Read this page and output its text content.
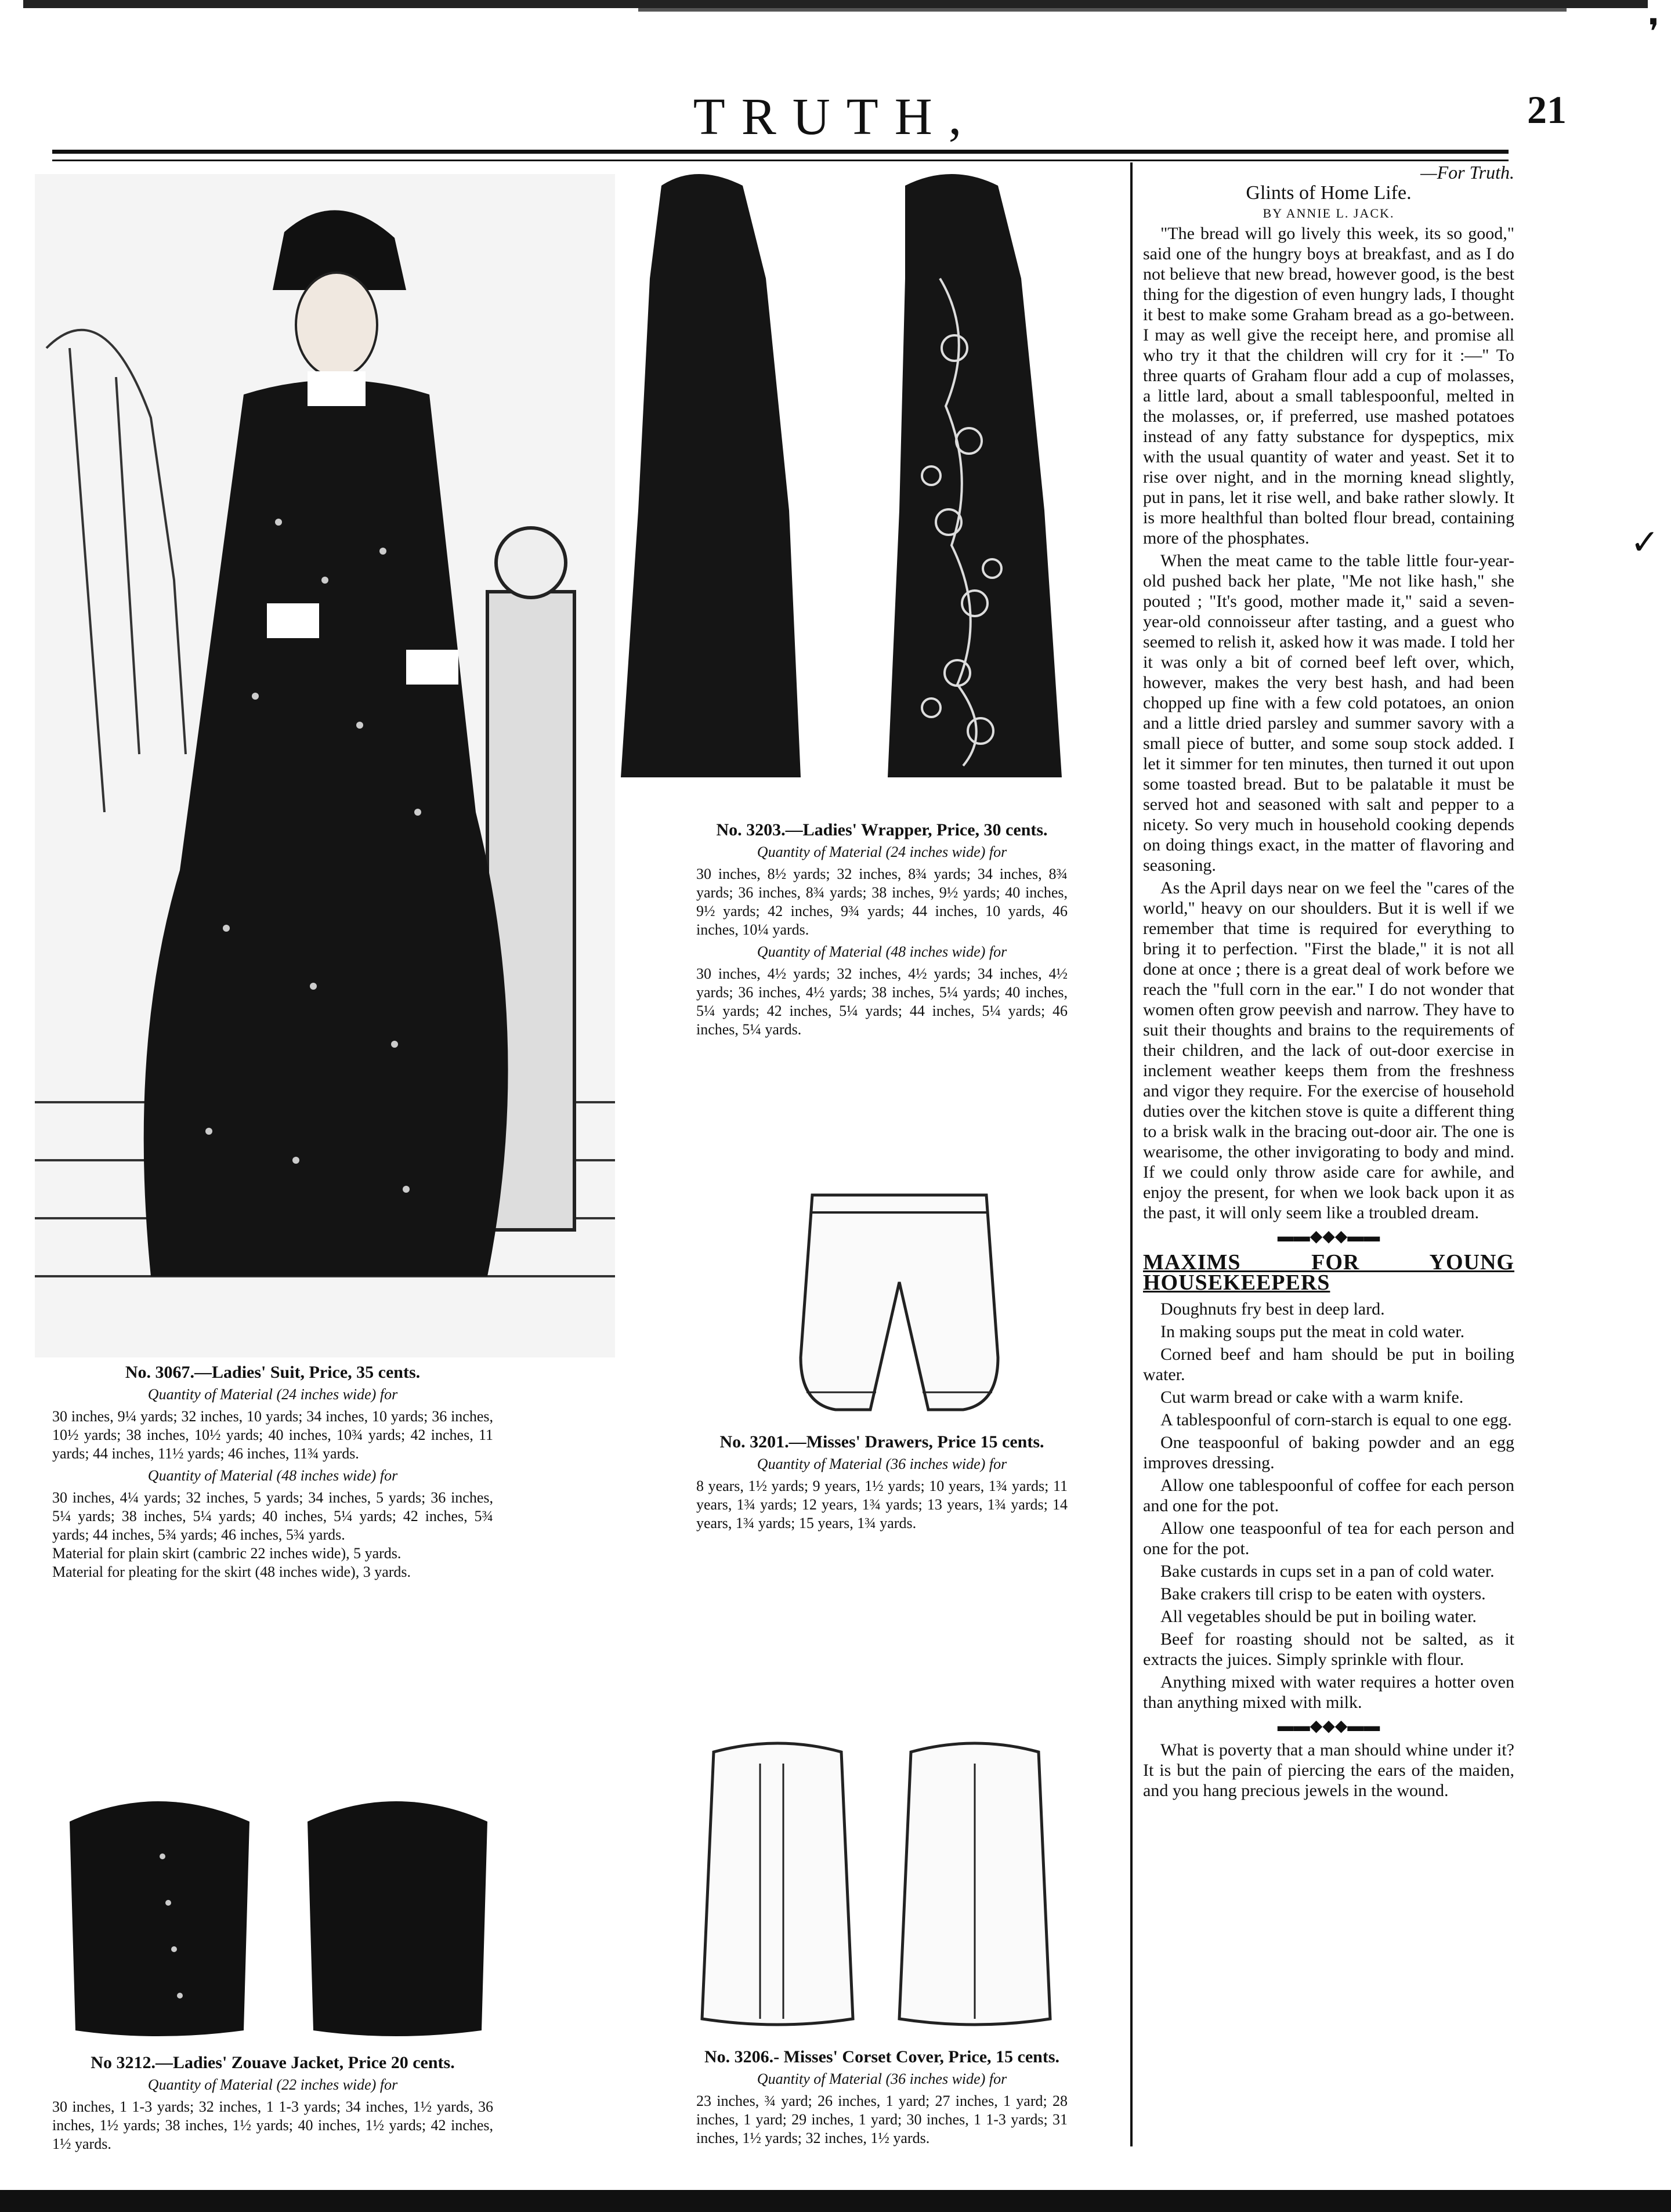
TRUTH,	21
No. 3067.—Ladies' Suit, Price, 35 cents.
Quantity of Material (24 inches wide) for
30 inches, 9¼ yards; 32 inches, 10 yards; 34 inches, 10 yards; 36 inches, 10½ yards; 38 inches, 10½ yards; 40 inches, 10¾ yards; 42 inches, 11 yards; 44 inches, 11½ yards; 46 inches, 11¾ yards.
Quantity of Material (48 inches wide) for
30 inches, 4¼ yards; 32 inches, 5 yards; 34 inches, 5 yards; 36 inches, 5¼ yards; 38 inches, 5¼ yards; 40 inches, 5¼ yards; 42 inches, 5¾ yards; 44 inches, 5¾ yards; 46 inches, 5¾ yards.
Material for plain skirt (cambric 22 inches wide), 5 yards.
Material for pleating for the skirt (48 inches wide), 3 yards.
No. 3203.—Ladies' Wrapper, Price, 30 cents.
Quantity of Material (24 inches wide) for
30 inches, 8½ yards; 32 inches, 8¾ yards; 34 inches, 8¾ yards; 36 inches, 8¾ yards; 38 inches, 9½ yards; 40 inches, 9½ yards; 42 inches, 9¾ yards; 44 inches, 10 yards, 46 inches, 10¼ yards.
Quantity of Material (48 inches wide) for
30 inches, 4½ yards; 32 inches, 4½ yards; 34 inches, 4½ yards; 36 inches, 4½ yards; 38 inches, 5¼ yards; 40 inches, 5¼ yards; 42 inches, 5¼ yards; 44 inches, 5¼ yards; 46 inches, 5¼ yards.
No. 3201.—Misses' Drawers, Price 15 cents.
Quantity of Material (36 inches wide) for
8 years, 1½ yards; 9 years, 1½ yards; 10 years, 1¾ yards; 11 years, 1¾ yards; 12 years, 1¾ yards; 13 years, 1¾ yards; 14 years, 1¾ yards; 15 years, 1¾ yards.
No 3212.—Ladies' Zouave Jacket, Price 20 cents.
Quantity of Material (22 inches wide) for
30 inches, 1 1-3 yards; 32 inches, 1 1-3 yards; 34 inches, 1½ yards, 36 inches, 1½ yards; 38 inches, 1½ yards; 40 inches, 1½ yards; 42 inches, 1½ yards.
No. 3206.- Misses' Corset Cover, Price, 15 cents.
Quantity of Material (36 inches wide) for
23 inches, ¾ yard; 26 inches, 1 yard; 27 inches, 1 yard; 28 inches, 1 yard; 29 inches, 1 yard; 30 inches, 1 1-3 yards; 31 inches, 1½ yards; 32 inches, 1½ yards.
—For Truth.
Glints of Home Life.
BY ANNIE L. JACK.

"The bread will go lively this week, its so good," said one of the hungry boys at breakfast, and as I do not believe that new bread, however good, is the best thing for the digestion of even hungry lads, I thought it best to make some Graham bread as a go-between. I may as well give the receipt here, and promise all who try it that the children will cry for it :—" To three quarts of Graham flour add a cup of molasses, a little lard, about a small tablespoonful, melted in the molasses, or, if preferred, use mashed potatoes instead of any fatty substance for dyspeptics, mix with the usual quantity of water and yeast. Set it to rise over night, and in the morning knead slightly, put in pans, let it rise well, and bake rather slowly. It is more healthful than bolted flour bread, containing more of the phosphates.

When the meat came to the table little four-year-old pushed back her plate, "Me not like hash," she pouted ; "It's good, mother made it," said a seven-year-old connoisseur after tasting, and a guest who seemed to relish it, asked how it was made. I told her it was only a bit of corned beef left over, which, however, makes the very best hash, and had been chopped up fine with a few cold potatoes, an onion and a little dried parsley and summer savory with a small piece of butter, and some soup stock added. I let it simmer for ten minutes, then turned it out upon some toasted bread. But to be palatable it must be served hot and seasoned with salt and pepper to a nicety. So very much in household cooking depends on doing things exact, in the matter of flavoring and seasoning.

As the April days near on we feel the "cares of the world," heavy on our shoulders. But it is well if we remember that time is required for everything to bring it to perfection. "First the blade," it is not all done at once ; there is a great deal of work before we reach the "full corn in the ear." I do not wonder that women often grow peevish and narrow. They have to suit their thoughts and brains to the requirements of their children, and the lack of out-door exercise in inclement weather keeps them from the freshness and vigor they require. For the exercise of household duties over the kitchen stove is quite a different thing to a brisk walk in the bracing out-door air. The one is wearisome, the other invigorating to body and mind. If we could only throw aside care for awhile, and enjoy the present, for when we look back upon it as the past, it will only seem like a troubled dream.

▬▬◆◆◆▬▬
MAXIMS FOR YOUNG HOUSEKEEPERS

Doughnuts fry best in deep lard.

In making soups put the meat in cold water.

Corned beef and ham should be put in boiling water.

Cut warm bread or cake with a warm knife.

A tablespoonful of corn-starch is equal to one egg.

One teaspoonful of baking powder and an egg improves dressing.

Allow one tablespoonful of coffee for each person and one for the pot.

Allow one teaspoonful of tea for each person and one for the pot.

Bake custards in cups set in a pan of cold water.

Bake crakers till crisp to be eaten with oysters.

All vegetables should be put in boiling water.

Beef for roasting should not be salted, as it extracts the juices. Simply sprinkle with flour.

Anything mixed with water requires a hotter oven than anything mixed with milk.

▬▬◆◆◆▬▬

What is poverty that a man should whine under it? It is but the pain of piercing the ears of the maiden, and you hang precious jewels in the wound.

❜
✓
